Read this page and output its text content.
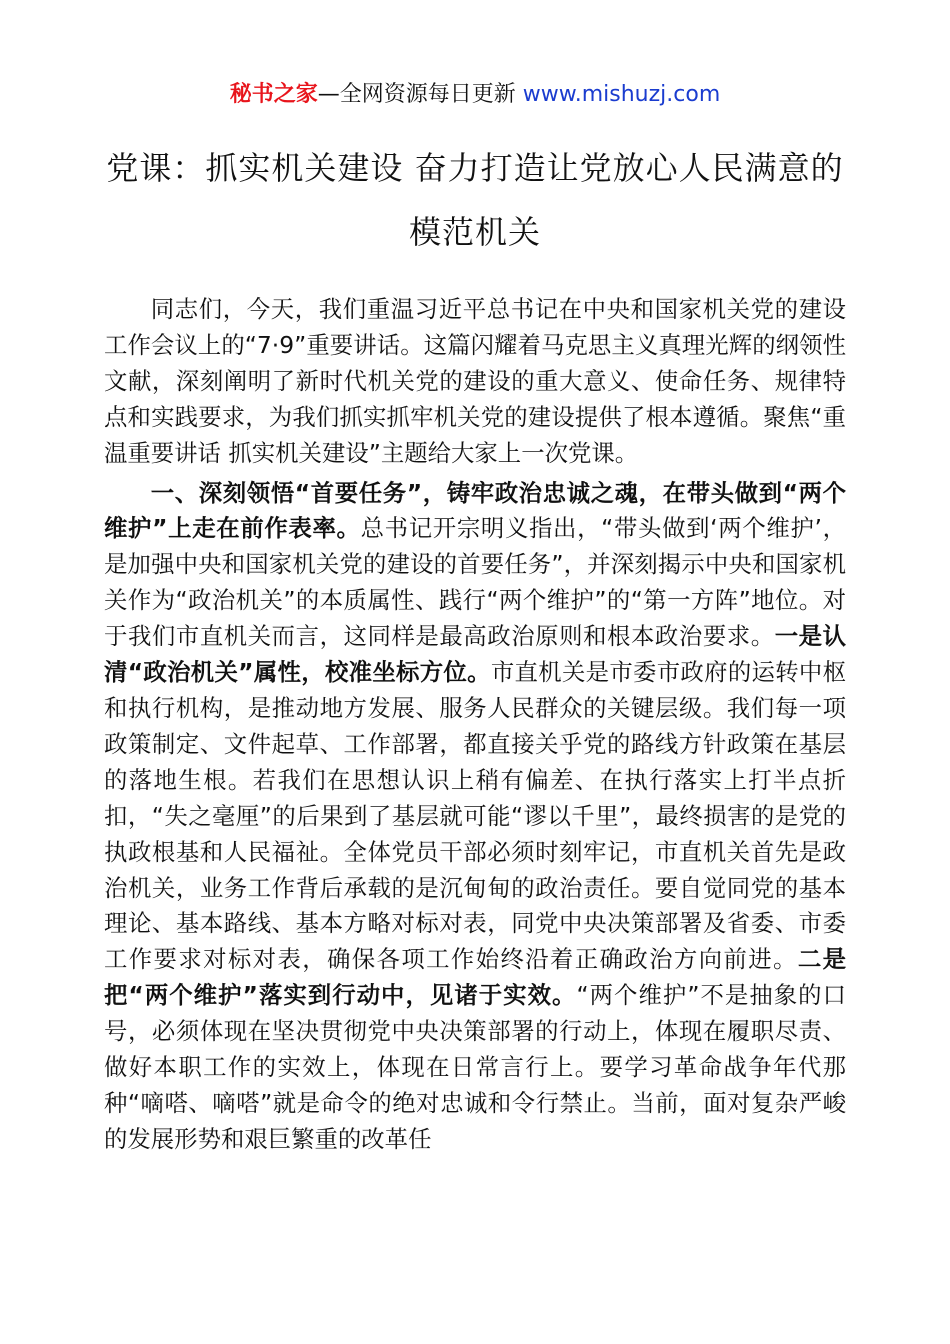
秘书之家—全网资源每日更新 www.mishuzj.com
党课：抓实机关建设 奋力打造让党放心人民满意的模范机关

同志们，今天，我们重温习近平总书记在中央和国家机关党的建设工作会议上的“7·9”重要讲话。这篇闪耀着马克思主义真理光辉的纲领性文献，深刻阐明了新时代机关党的建设的重大意义、使命任务、规律特点和实践要求，为我们抓实抓牢机关党的建设提供了根本遵循。聚焦“重温重要讲话 抓实机关建设”主题给大家上一次党课。

一、深刻领悟“首要任务”，铸牢政治忠诚之魂，在带头做到“两个维护”上走在前作表率。总书记开宗明义指出，“带头做到‘两个维护’，是加强中央和国家机关党的建设的首要任务”，并深刻揭示中央和国家机关作为“政治机关”的本质属性、践行“两个维护”的“第一方阵”地位。对于我们市直机关而言，这同样是最高政治原则和根本政治要求。一是认清“政治机关”属性，校准坐标方位。市直机关是市委市政府的运转中枢和执行机构，是推动地方发展、服务人民群众的关键层级。我们每一项政策制定、文件起草、工作部署，都直接关乎党的路线方针政策在基层的落地生根。若我们在思想认识上稍有偏差、在执行落实上打半点折扣，“失之毫厘”的后果到了基层就可能“谬以千里”，最终损害的是党的执政根基和人民福祉。全体党员干部必须时刻牢记，市直机关首先是政治机关，业务工作背后承载的是沉甸甸的政治责任。要自觉同党的基本理论、基本路线、基本方略对标对表，同党中央决策部署及省委、市委工作要求对标对表，确保各项工作始终沿着正确政治方向前进。二是把“两个维护”落实到行动中，见诸于实效。“两个维护”不是抽象的口号，必须体现在坚决贯彻党中央决策部署的行动上，体现在履职尽责、做好本职工作的实效上，体现在日常言行上。要学习革命战争年代那种“嘀嗒、嘀嗒”就是命令的绝对忠诚和令行禁止。当前，面对复杂严峻的发展形势和艰巨繁重的改革任
